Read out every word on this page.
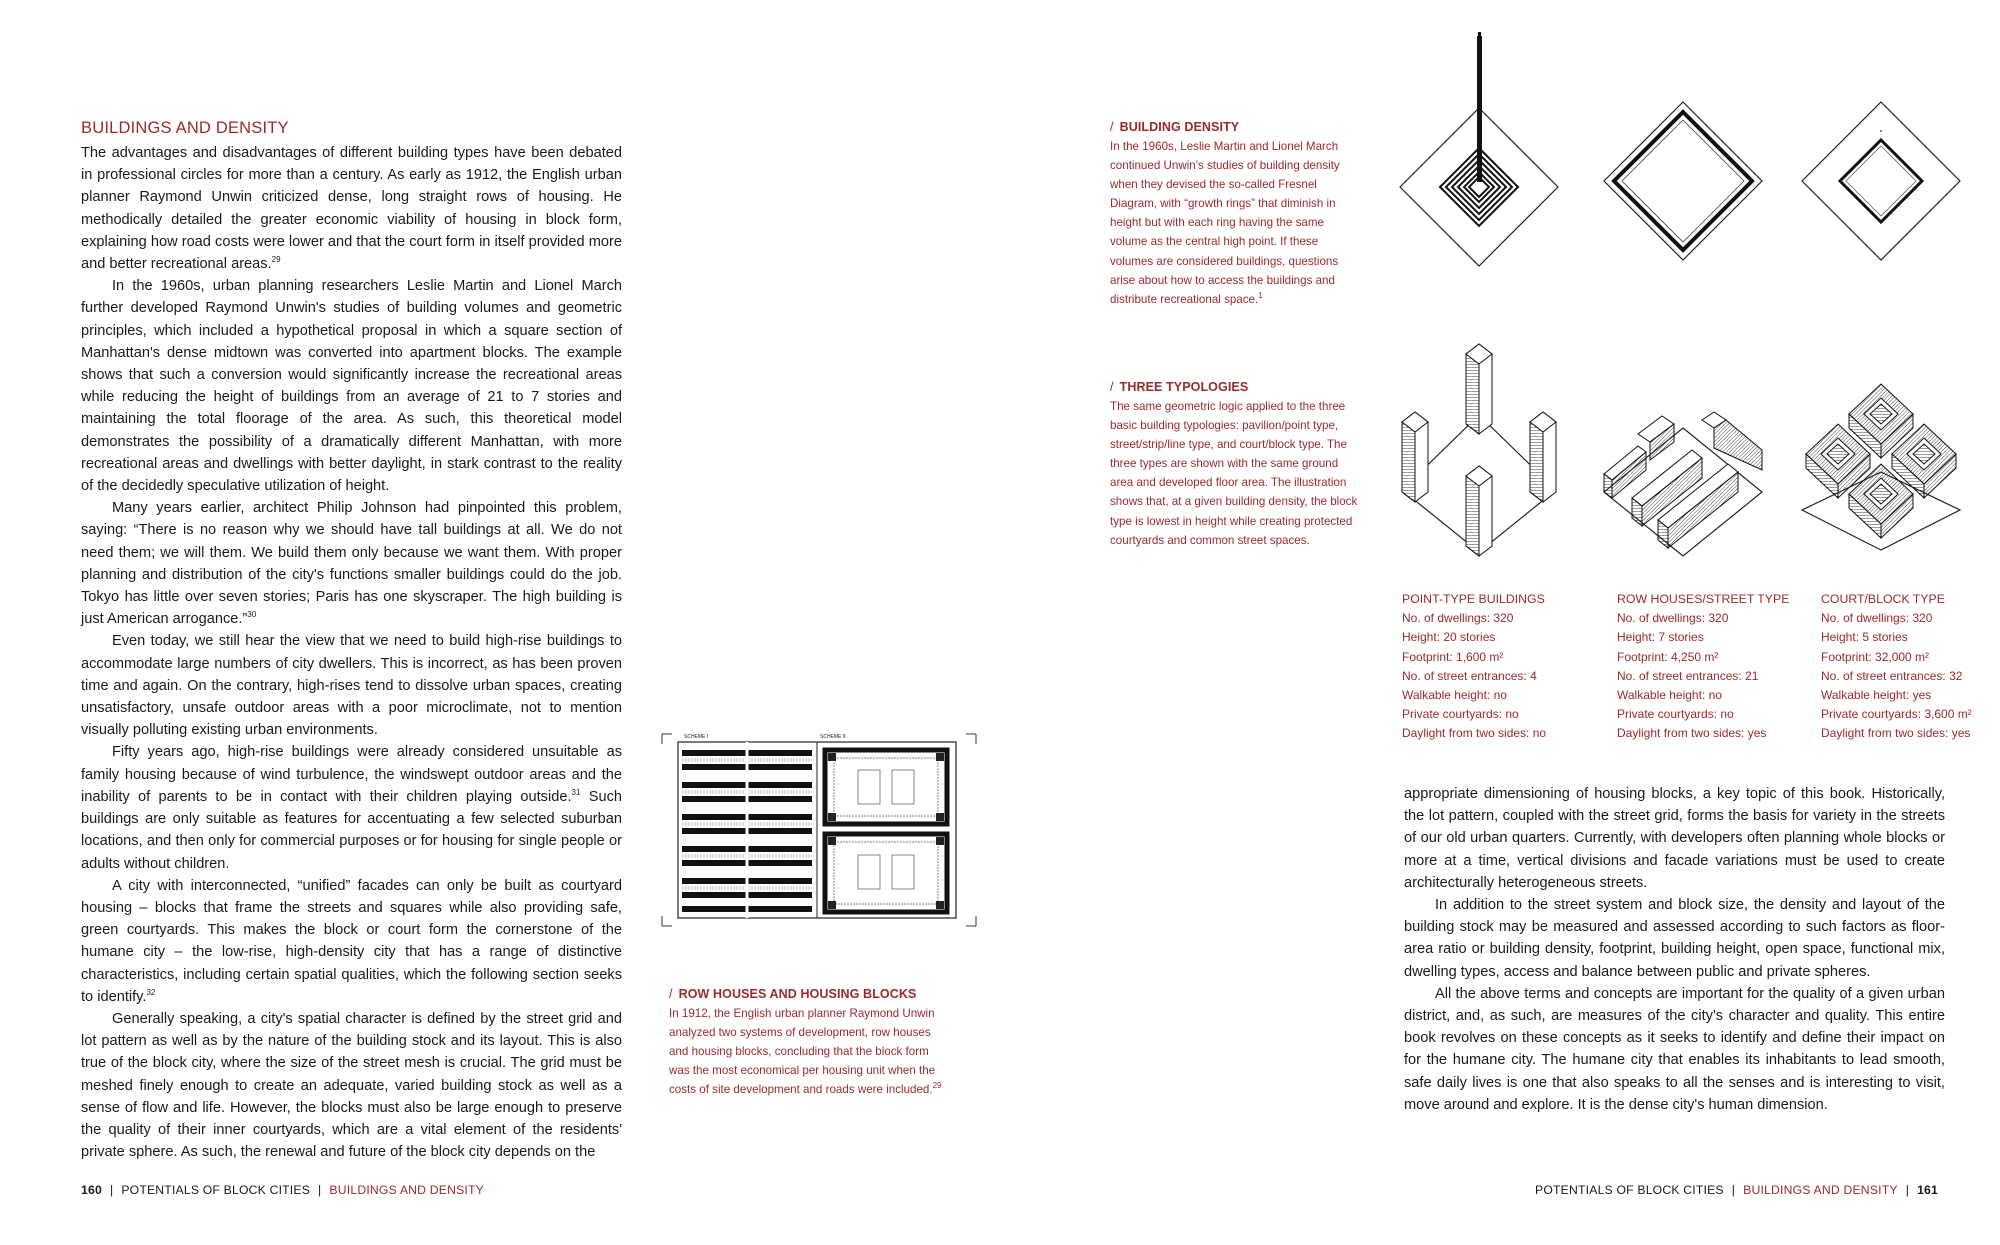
BUILDINGS AND DENSITY

The advantages and disadvantages of different building types have been debated in professional circles for more than a century. As early as 1912, the English urban planner Raymond Unwin criticized dense, long straight rows of housing. He methodically detailed the greater economic viability of housing in block form, explaining how road costs were lower and that the court form in itself provided more and better recreational areas.$^{29}$

In the 1960s, urban planning researchers Leslie Martin and Lionel March further developed Raymond Unwin's studies of building volumes and geometric principles, which included a hypothetical proposal in which a square section of Manhattan's dense midtown was converted into apartment blocks. The example shows that such a conversion would significantly increase the recreational areas while reducing the height of buildings from an average of 21 to 7 stories and maintaining the total floorage of the area. As such, this theoretical model demonstrates the possibility of a dramatically different Manhattan, with more recreational areas and dwellings with better daylight, in stark contrast to the reality of the decidedly speculative utilization of height.

Many years earlier, architect Philip Johnson had pinpointed this problem, saying: “There is no reason why we should have tall buildings at all. We do not need them; we will them. We build them only because we want them. With proper planning and distribution of the city's functions smaller buildings could do the job. Tokyo has little over seven stories; Paris has one skyscraper. The high building is just American arrogance.”$^{30}$

Even today, we still hear the view that we need to build high-rise buildings to accommodate large numbers of city dwellers. This is incorrect, as has been proven time and again. On the contrary, high-rises tend to dissolve urban spaces, creating unsatisfactory, unsafe outdoor areas with a poor microclimate, not to mention visually polluting existing urban environments.

Fifty years ago, high-rise buildings were already considered unsuitable as family housing because of wind turbulence, the windswept outdoor areas and the inability of parents to be in contact with their children playing outside.$^{31}$ Such buildings are only suitable as features for accentuating a few selected suburban locations, and then only for commercial purposes or for housing for single people or adults without children.

A city with interconnected, “unified” facades can only be built as courtyard housing – blocks that frame the streets and squares while also providing safe, green courtyards. This makes the block or court form the cornerstone of the humane city – the low-rise, high-density city that has a range of distinctive characteristics, including certain spatial qualities, which the following section seeks to identify.$^{32}$

Generally speaking, a city's spatial character is defined by the street grid and lot pattern as well as by the nature of the building stock and its layout. This is also true of the block city, where the size of the street mesh is crucial. The grid must be meshed finely enough to create an adequate, varied building stock as well as a sense of flow and life. However, the blocks must also be large enough to preserve the quality of their inner courtyards, which are a vital element of the residents' private sphere. As such, the renewal and future of the block city depends on the

SCHEME I	SCHEME II
/ ROW HOUSES AND HOUSING BLOCKS
In 1912, the English urban planner Raymond Unwin analyzed two systems of development, row houses and housing blocks, concluding that the block form was the most economical per housing unit when the costs of site development and roads were included.$^{29}$
160 | POTENTIALS OF BLOCK CITIES | BUILDINGS AND DENSITY
/ BUILDING DENSITY
In the 1960s, Leslie Martin and Lionel March continued Unwin's studies of building density when they devised the so-called Fresnel Diagram, with “growth rings” that diminish in height but with each ring having the same volume as the central high point. If these volumes are considered buildings, questions arise about how to access the buildings and distribute recreational space.$^1$
/ THREE TYPOLOGIES
The same geometric logic applied to the three basic building typologies: pavilion/point type, street/strip/line type, and court/block type. The three types are shown with the same ground area and developed floor area. The illustration shows that, at a given building density, the block type is lowest in height while creating protected courtyards and common street spaces.
POINT-TYPE BUILDINGS
No. of dwellings: 320
Height: 20 stories
Footprint: 1,600 m²
No. of street entrances: 4
Walkable height: no
Private courtyards: no
Daylight from two sides: no
ROW HOUSES/STREET TYPE
No. of dwellings: 320
Height: 7 stories
Footprint: 4,250 m²
No. of street entrances: 21
Walkable height: no
Private courtyards: no
Daylight from two sides: yes
COURT/BLOCK TYPE
No. of dwellings: 320
Height: 5 stories
Footprint: 32,000 m²
No. of street entrances: 32
Walkable height: yes
Private courtyards: 3,600 m²
Daylight from two sides: yes

appropriate dimensioning of housing blocks, a key topic of this book. Historically, the lot pattern, coupled with the street grid, forms the basis for variety in the streets of our old urban quarters. Currently, with developers often planning whole blocks or more at a time, vertical divisions and facade variations must be used to create architecturally heterogeneous streets.

In addition to the street system and block size, the density and layout of the building stock may be measured and assessed according to such factors as floor-area ratio or building density, footprint, building height, open space, functional mix, dwelling types, access and balance between public and private spheres.

All the above terms and concepts are important for the quality of a given urban district, and, as such, are measures of the city's character and quality. This entire book revolves on these concepts as it seeks to identify and define their impact on for the humane city. The humane city that enables its inhabitants to lead smooth, safe daily lives is one that also speaks to all the senses and is interesting to visit, move around and explore. It is the dense city's human dimension.

POTENTIALS OF BLOCK CITIES | BUILDINGS AND DENSITY | 161
